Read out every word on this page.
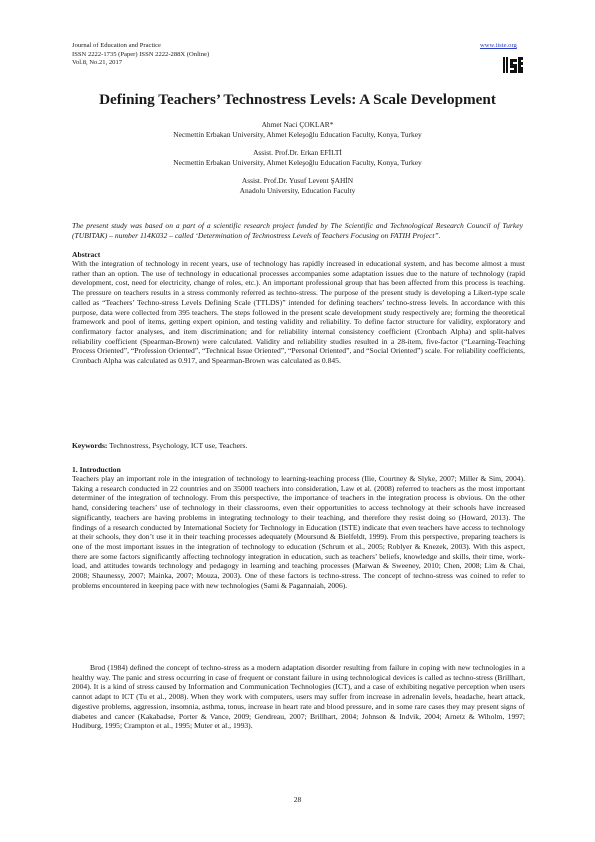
Journal of Education and Practice
ISSN 2222-1735 (Paper) ISSN 2222-288X (Online)
Vol.8, No.21, 2017
www.iiste.org
Defining Teachers’ Technostress Levels: A Scale Development
Ahmet Naci ÇOKLAR*
Necmettin Erbakan University, Ahmet Keleşoğlu Education Faculty, Konya, Turkey
Assist. Prof.Dr. Erkan EFİLTİ
Necmettin Erbakan University, Ahmet Keleşoğlu Education Faculty, Konya, Turkey
Assist. Prof.Dr. Yusuf Levent ŞAHİN
Anadolu University, Education Faculty
The present study was based on a part of a scientific research project funded by The Scientific and Technological Research Council of Turkey (TUBITAK) – number 114K032 – called ‘Determination of Technostress Levels of Teachers Focusing on FATIH Project”.
Abstract
With the integration of technology in recent years, use of technology has rapidly increased in educational system, and has become almost a must rather than an option. The use of technology in educational processes accompanies some adaptation issues due to the nature of technology (rapid development, cost, need for electricity, change of roles, etc.). An important professional group that has been affected from this process is teaching. The pressure on teachers results in a stress commonly referred as techno-stress. The purpose of the present study is developing a Likert-type scale called as “Teachers’ Techno-stress Levels Defining Scale (TTLDS)” intended for defining teachers’ techno-stress levels. In accordance with this purpose, data were collected from 395 teachers. The steps followed in the present scale development study respectively are; forming the theoretical framework and pool of items, getting expert opinion, and testing validity and reliability. To define factor structure for validity, exploratory and confirmatory factor analyses, and item discrimination; and for reliability internal consistency coefficient (Cronbach Alpha) and split-halves reliability coefficient (Spearman-Brown) were calculated. Validity and reliability studies resulted in a 28-item, five-factor (“Learning-Teaching Process Oriented”, “Profession Oriented”, “Technical Issue Oriented”, “Personal Oriented”, and “Social Oriented”) scale. For reliability coefficients, Cronbach Alpha was calculated as 0.917, and Spearman-Brown was calculated as 0.845.
Keywords: Technostress, Psychology, ICT use, Teachers.
1. Introduction
Teachers play an important role in the integration of technology to learning-teaching process (Ilie, Courtney & Slyke, 2007; Miller & Sim, 2004). Taking a research conducted in 22 countries and on 35000 teachers into consideration, Law et al. (2008) referred to teachers as the most important determiner of the integration of technology. From this perspective, the importance of teachers in the integration process is obvious. On the other hand, considering teachers’ use of technology in their classrooms, even their opportunities to access technology at their schools have increased significantly, teachers are having problems in integrating technology to their teaching, and therefore they resist doing so (Howard, 2013). The findings of a research conducted by International Society for Technology in Education (ISTE) indicate that even teachers have access to technology at their schools, they don’t use it in their teaching processes adequately (Moursund & Bielfeldt, 1999). From this perspective, preparing teachers is one of the most important issues in the integration of technology to education (Schrum et al., 2005; Roblyer & Knezek, 2003). With this aspect, there are some factors significantly affecting technology integration in education, such as teachers’ beliefs, knowledge and skills, their time, work-load, and attitudes towards technology and pedagogy in learning and teaching processes (Marwan & Sweeney, 2010; Chen, 2008; Lim & Chai, 2008; Shaunessy, 2007; Mainka, 2007; Mouza, 2003). One of these factors is techno-stress. The concept of techno-stress was coined to refer to problems encountered in keeping pace with new technologies (Sami & Pagannaiah, 2006).
Brod (1984) defined the concept of techno-stress as a modern adaptation disorder resulting from failure in coping with new technologies in a healthy way. The panic and stress occurring in case of frequent or constant failure in using technological devices is called as techno-stress (Brillhart, 2004). It is a kind of stress caused by Information and Communication Technologies (ICT), and a case of exhibiting negative perception when users cannot adapt to ICT (Tu et al., 2008). When they work with computers, users may suffer from increase in adrenalin levels, headache, heart attack, digestive problems, aggression, insomnia, asthma, tonus, increase in heart rate and blood pressure, and in some rare cases they may present signs of diabetes and cancer (Kakabadse, Porter & Vance, 2009; Gendreau, 2007; Brillhart, 2004; Johnson & Indvik, 2004; Arnetz & Wiholm, 1997; Hudiburg, 1995; Crampton et al., 1995; Muter et al., 1993).
28
